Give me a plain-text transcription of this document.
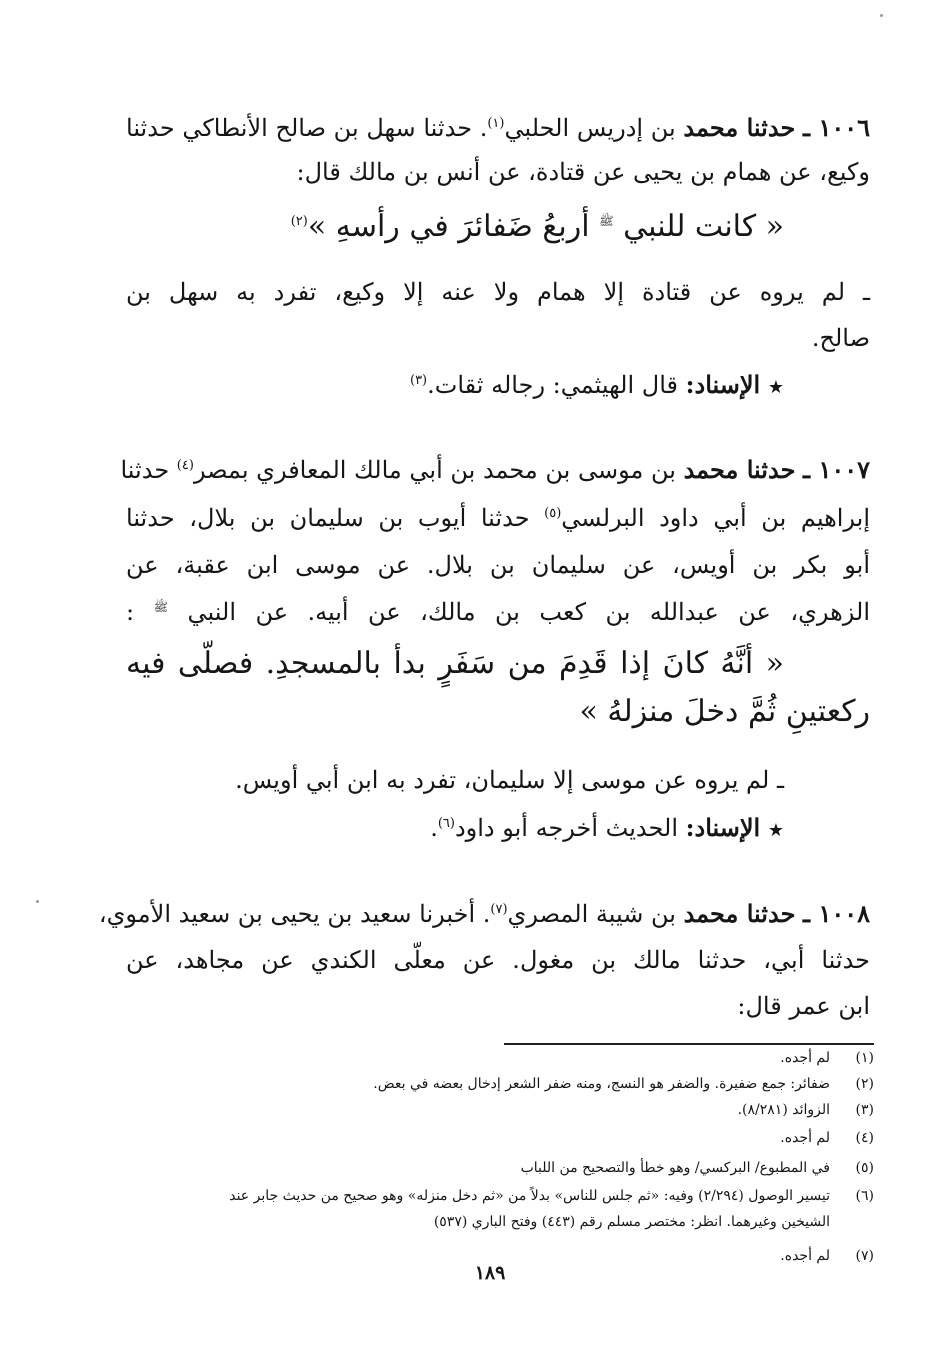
١٠٠٦ ـ حدثنا محمد بن إدريس الحلبي$^{(١)}$. حدثنا سهل بن صالح الأنطاكي حدثنا
وكيع، عن همام بن يحيى عن قتادة، عن أنس بن مالك قال:
« كانت للنبي $^ﷺ$ أربعُ ضَفائرَ في رأسهِ »$^{(٢)}$
ـ لم يروه عن قتادة إلا همام ولا عنه إلا وكيع، تفرد به سهل بن
صالح.
★ الإسناد: قال الهيثمي: رجاله ثقات.$^{(٣)}$
١٠٠٧ ـ حدثنا محمد بن موسى بن محمد بن أبي مالك المعافري بمصر$^{(٤)}$ حدثنا
إبراهيم بن أبي داود البرلسي$^{(٥)}$ حدثنا أيوب بن سليمان بن بلال، حدثنا
أبو بكر بن أويس، عن سليمان بن بلال. عن موسى ابن عقبة، عن
الزهري، عن عبدالله بن كعب بن مالك، عن أبيه. عن النبي $^ﷺ$ :
« أنَّهُ كانَ إذا قَدِمَ من سَفَرٍ بدأ بالمسجدِ. فصلّى فيه
ركعتينِ ثُمَّ دخلَ منزلهُ »
ـ لم يروه عن موسى إلا سليمان، تفرد به ابن أبي أويس.
★ الإسناد: الحديث أخرجه أبو داود$^{(٦)}$.
١٠٠٨ ـ حدثنا محمد بن شيبة المصري$^{(٧)}$. أخبرنا سعيد بن يحيى بن سعيد الأموي،
حدثنا أبي، حدثنا مالك بن مغول. عن معلّى الكندي عن مجاهد، عن
ابن عمر قال:
(١)لم أجده.
(٢)ضفائر: جمع ضفيرة. والضفر هو النسج، ومنه ضفر الشعر إدخال بعضه في بعض.
(٣)الزوائد (٨/٢٨١).
(٤)لم أجده.
(٥)في المطبوع/ البركسي/ وهو خطأ والتصحيح من اللباب
(٦)تيسير الوصول (٢/٢٩٤) وفيه: «ثم جلس للناس» بدلاً من «ثم دخل منزله» وهو صحيح من حديث جابر عند
الشيخين وغيرهما. انظر: مختصر مسلم رقم (٤٤٣) وفتح الباري (٥٣٧)
(٧)لم أجده.
١٨٩
